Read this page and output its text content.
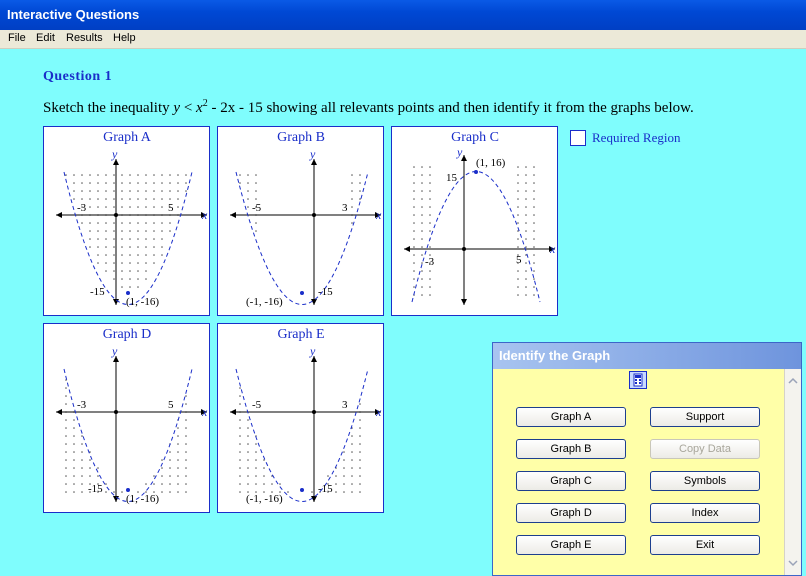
Interactive Questions
File Edit Results Help
Question 1
Sketch the inequality $y < x^2 - 2x - 15$ showing all relevants points and then identify it from the graphs below.
Graph A
y
x
-3	5
-15
(1, -16)
Graph B
y
x
-5	3
-15
(-1, -16)
Graph C
y
x
-3	5
15
(1, 16)
Graph D
y
x
-3	5
-15
(1, -16)
Graph E
y
x
-5	3
-15
(-1, -16)
Required Region
Identify the Graph
Graph A
Graph B
Graph C
Graph D
Graph E
Support
Copy Data
Symbols
Index
Exit
